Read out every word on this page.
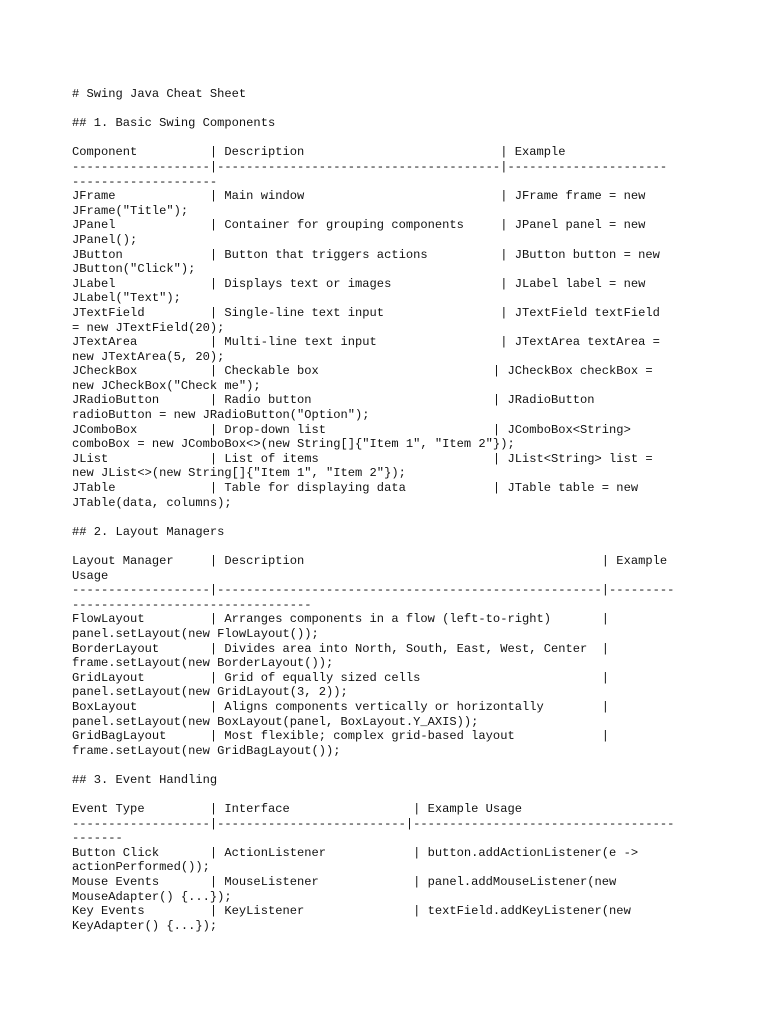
# Swing Java Cheat Sheet
## 1. Basic Swing Components
Component          | Description                           | Example
-------------------|---------------------------------------|----------------------
--------------------
JFrame             | Main window                           | JFrame frame = new
JFrame("Title");
JPanel             | Container for grouping components     | JPanel panel = new
JPanel();
JButton            | Button that triggers actions          | JButton button = new
JButton("Click");
JLabel             | Displays text or images               | JLabel label = new
JLabel("Text");
JTextField         | Single-line text input                | JTextField textField
= new JTextField(20);
JTextArea          | Multi-line text input                 | JTextArea textArea =
new JTextArea(5, 20);
JCheckBox          | Checkable box                        | JCheckBox checkBox =
new JCheckBox("Check me");
JRadioButton       | Radio button                         | JRadioButton
radioButton = new JRadioButton("Option");
JComboBox          | Drop-down list                       | JComboBox<String>
comboBox = new JComboBox<>(new String[]{"Item 1", "Item 2"});
JList              | List of items                        | JList<String> list =
new JList<>(new String[]{"Item 1", "Item 2"});
JTable             | Table for displaying data            | JTable table = new
JTable(data, columns);
## 2. Layout Managers
Layout Manager     | Description                                         | Example
Usage
-------------------|-----------------------------------------------------|---------
---------------------------------
FlowLayout         | Arranges components in a flow (left-to-right)       |
panel.setLayout(new FlowLayout());
BorderLayout       | Divides area into North, South, East, West, Center  |
frame.setLayout(new BorderLayout());
GridLayout         | Grid of equally sized cells                         |
panel.setLayout(new GridLayout(3, 2));
BoxLayout          | Aligns components vertically or horizontally        |
panel.setLayout(new BoxLayout(panel, BoxLayout.Y_AXIS));
GridBagLayout      | Most flexible; complex grid-based layout            |
frame.setLayout(new GridBagLayout());
## 3. Event Handling
Event Type         | Interface                 | Example Usage
-------------------|--------------------------|------------------------------------
-------
Button Click       | ActionListener            | button.addActionListener(e ->
actionPerformed());
Mouse Events       | MouseListener             | panel.addMouseListener(new
MouseAdapter() {...});
Key Events         | KeyListener               | textField.addKeyListener(new
KeyAdapter() {...});
